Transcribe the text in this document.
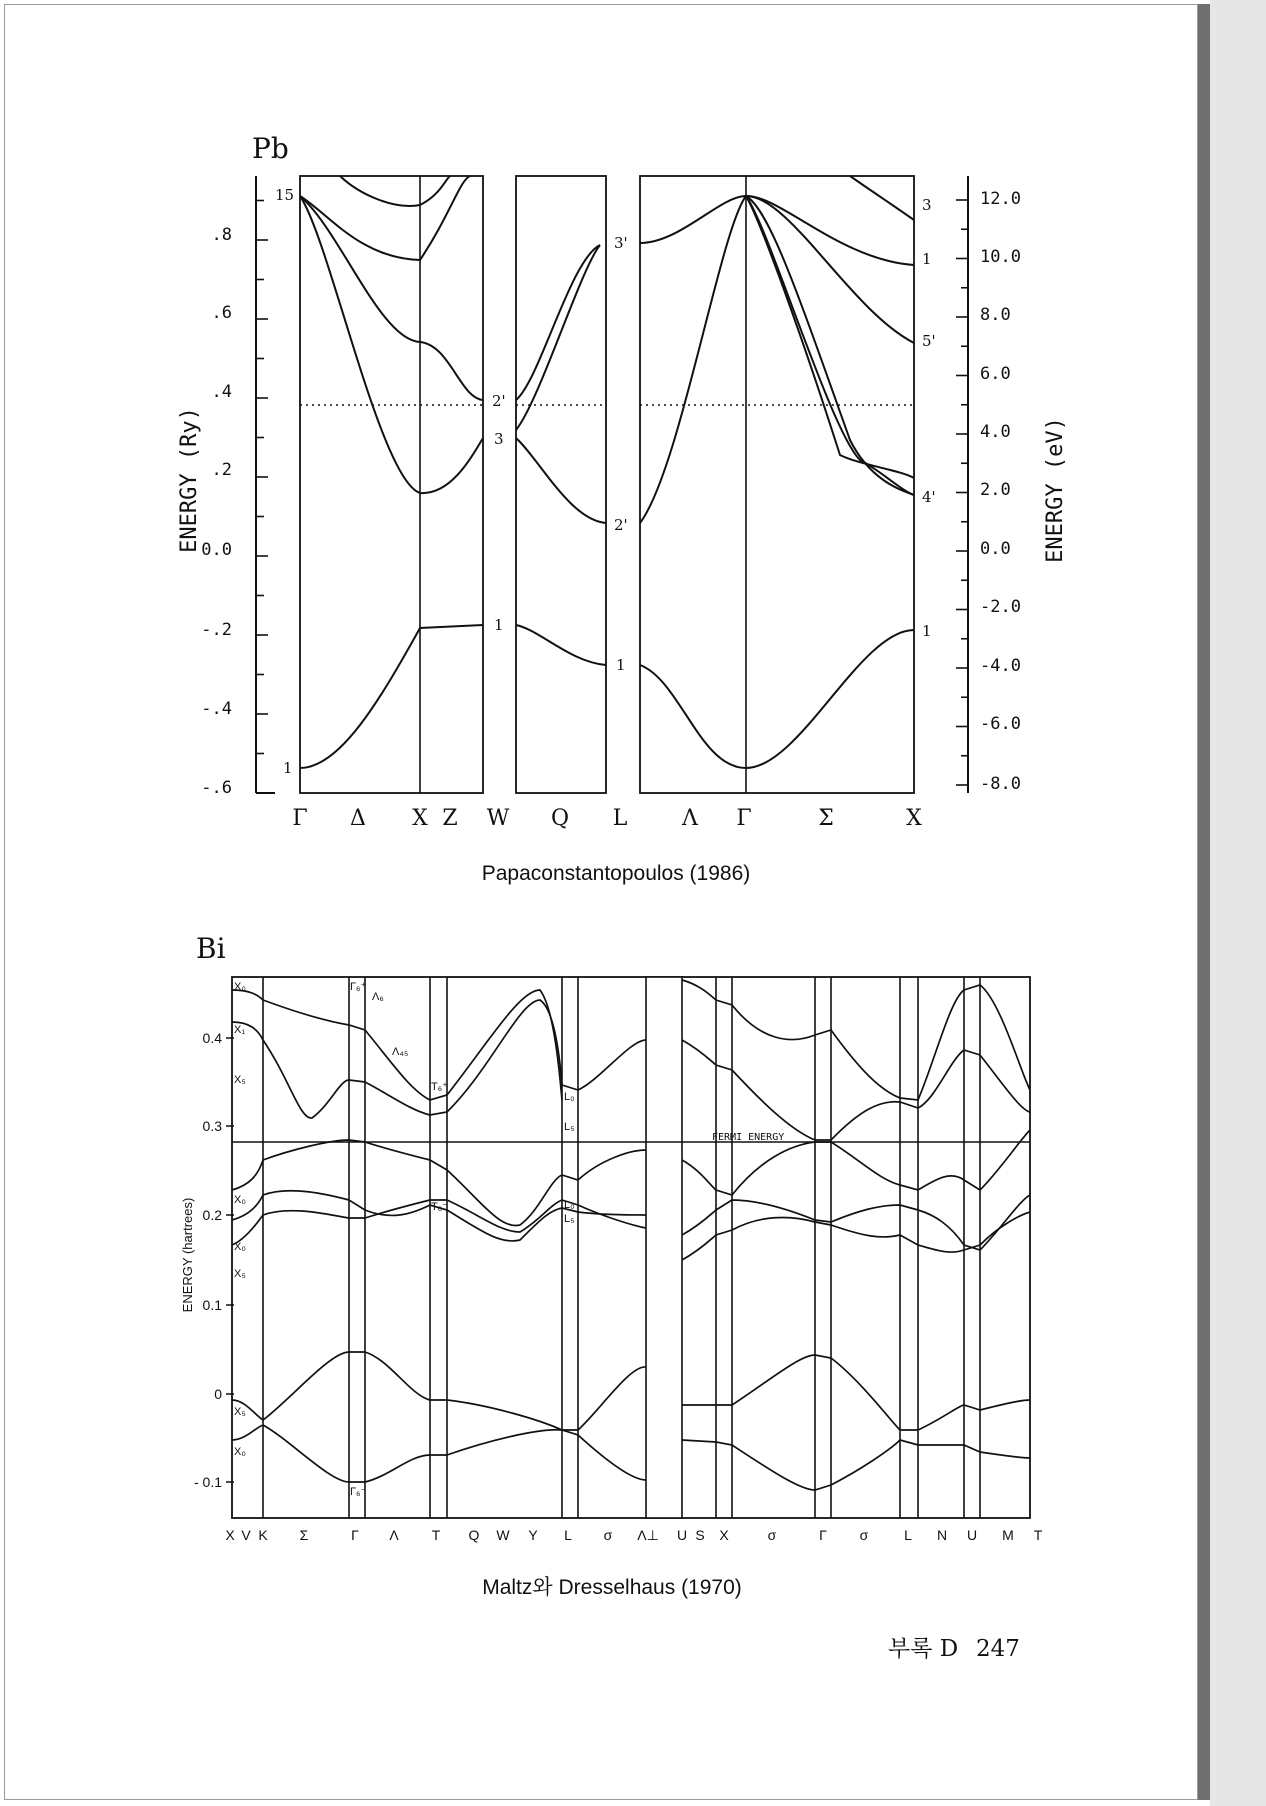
Pb
.8
.6
.4
.2
0.0
-.2
-.4
-.6
12.0
10.0
8.0
6.0
4.0
2.0
0.0
-2.0
-4.0
-6.0
-8.0
ENERGY (Ry)	ENERGY (eV)
15
1
2'
3
1
3'
2'
1
3
1
5'
4'
1
Γ Δ X Z W Q L Λ Γ	Σ	X
Papaconstantopoulos (1986)
Bi
FERMI ENERGY
0.4
0.3
0.2
0.1
0
- 0.1
ENERGY (hartrees)
X₀
X₁
X₅
X₀
X₀
X₅
X₅
X₀
Γ₆⁺
Γ₆⁻
Λ₆
Λ₄₅
T₆⁺
T₆⁻
L₀
L₅
L₀
L₅
X V K Σ	Γ Λ T Q W Y L σ Λ⊥ U S X	σ	Γ σ	L N U M T
Maltz와 Dresselhaus (1970)
부록 D 247
